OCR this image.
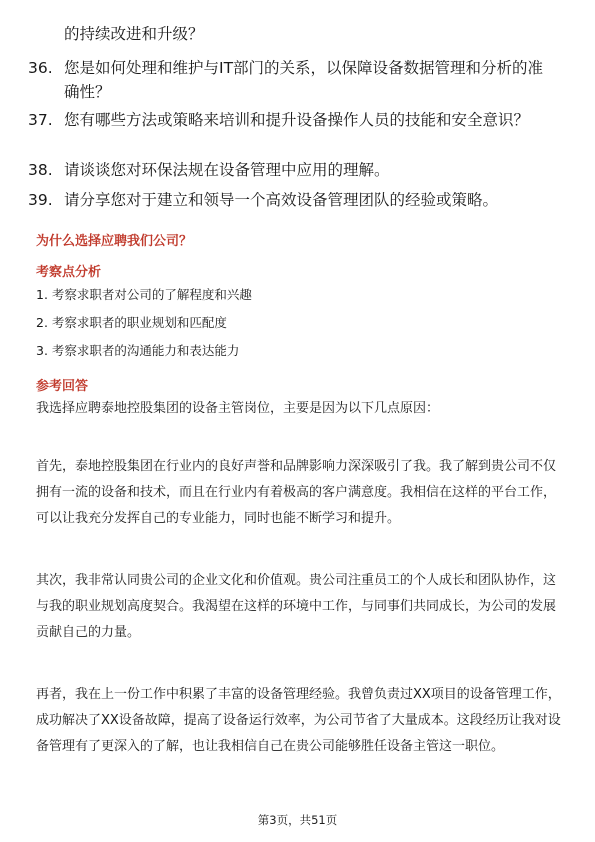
的持续改进和升级？
36. 您是如何处理和维护与IT部门的关系，以保障设备数据管理和分析的准确性？
37. 您有哪些方法或策略来培训和提升设备操作人员的技能和安全意识？
38. 请谈谈您对环保法规在设备管理中应用的理解。
39. 请分享您对于建立和领导一个高效设备管理团队的经验或策略。
为什么选择应聘我们公司？
考察点分析
1. 考察求职者对公司的了解程度和兴趣
2. 考察求职者的职业规划和匹配度
3. 考察求职者的沟通能力和表达能力
参考回答
我选择应聘泰地控股集团的设备主管岗位，主要是因为以下几点原因：
首先，泰地控股集团在行业内的良好声誉和品牌影响力深深吸引了我。我了解到贵公司不仅拥有一流的设备和技术，而且在行业内有着极高的客户满意度。我相信在这样的平台工作，可以让我充分发挥自己的专业能力，同时也能不断学习和提升。
其次，我非常认同贵公司的企业文化和价值观。贵公司注重员工的个人成长和团队协作，这与我的职业规划高度契合。我渴望在这样的环境中工作，与同事们共同成长，为公司的发展贡献自己的力量。
再者，我在上一份工作中积累了丰富的设备管理经验。我曾负责过XX项目的设备管理工作，成功解决了XX设备故障，提高了设备运行效率，为公司节省了大量成本。这段经历让我对设备管理有了更深入的了解，也让我相信自己在贵公司能够胜任设备主管这一职位。
第3页，共51页
